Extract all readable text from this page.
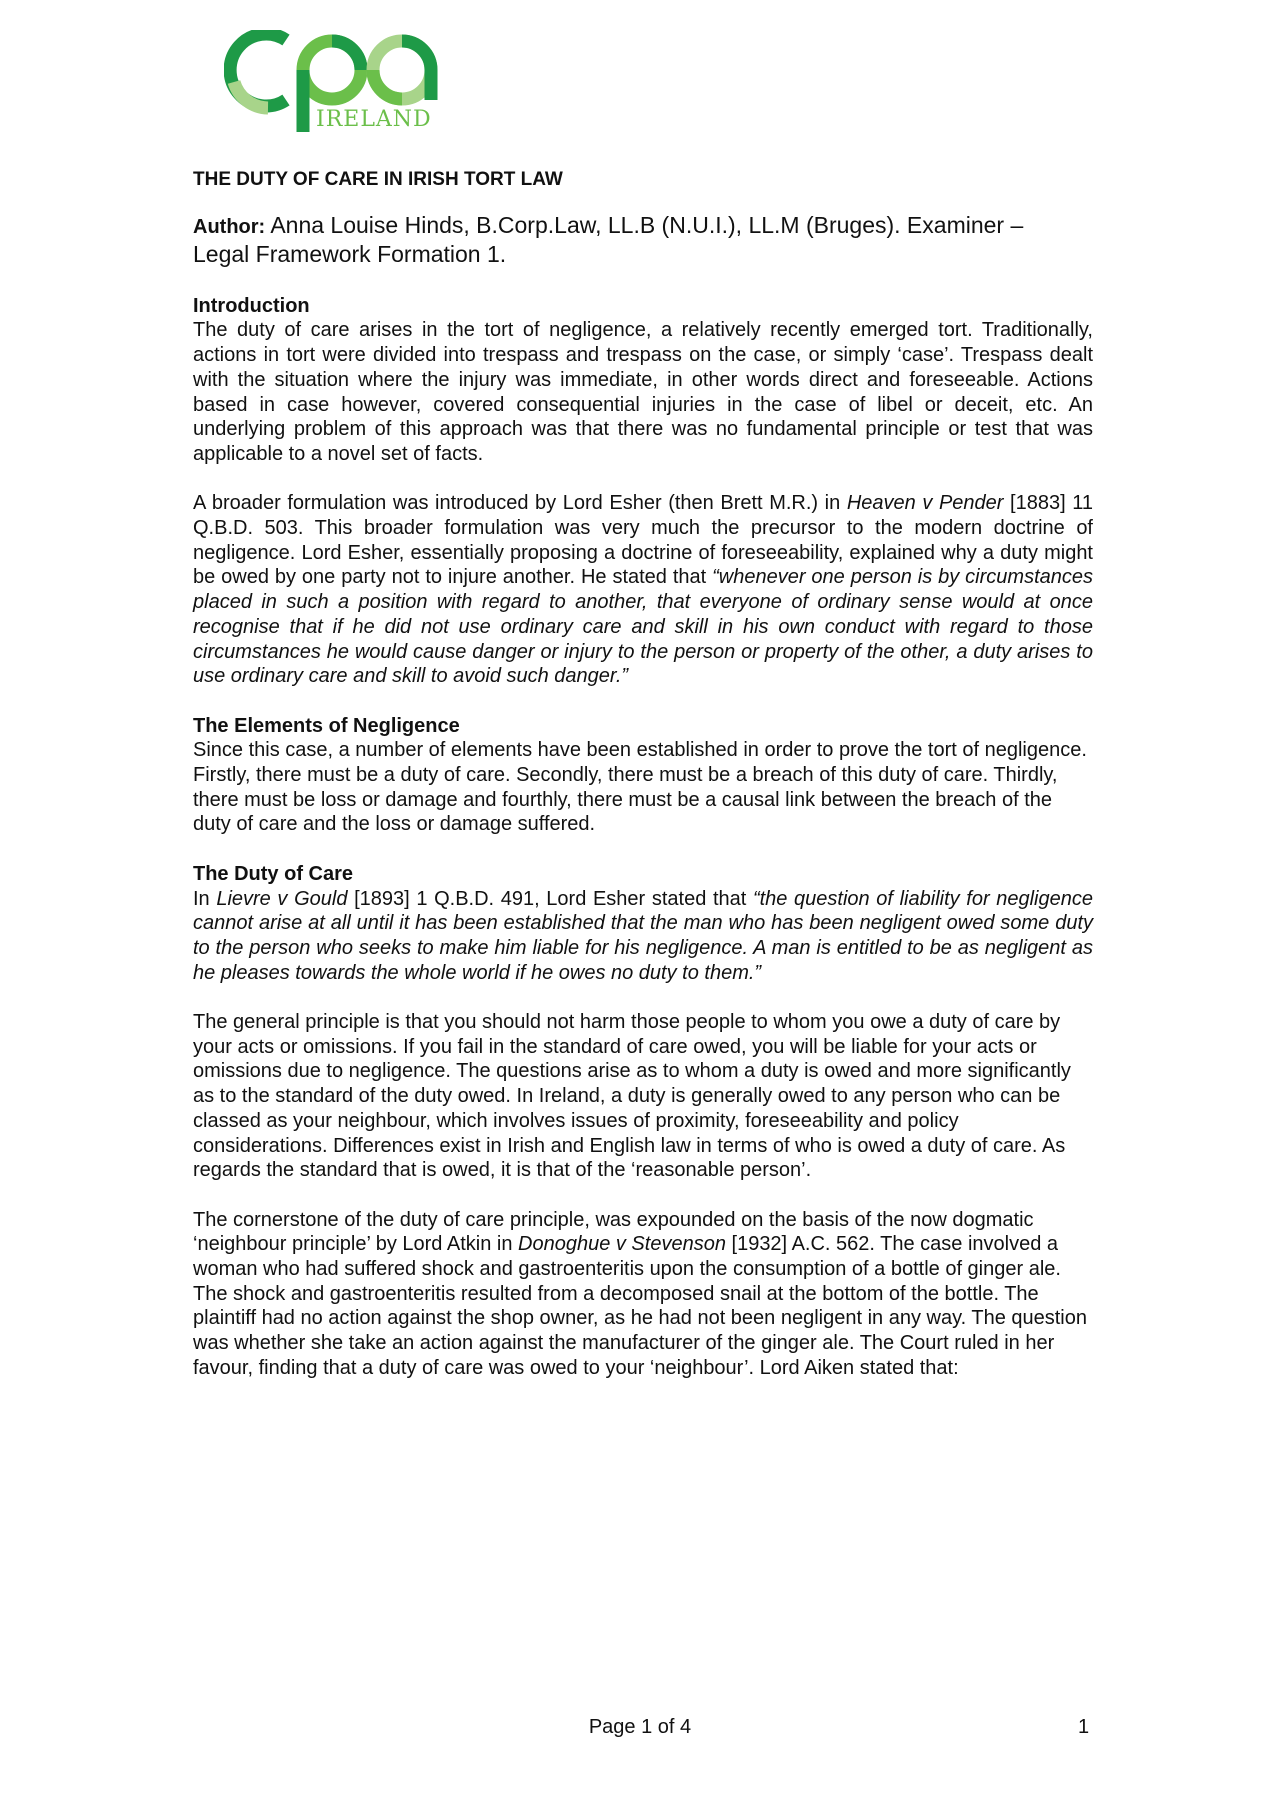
IRELAND
THE DUTY OF CARE IN IRISH TORT LAW
Author: Anna Louise Hinds, B.Corp.Law, LL.B (N.U.I.), LL.M (Bruges). Examiner –
Legal Framework Formation 1.
Introduction

The duty of care arises in the tort of negligence, a relatively recently emerged tort. Traditionally, actions in tort were divided into trespass and trespass on the case, or simply ‘case’. Trespass dealt with the situation where the injury was immediate, in other words direct and foreseeable. Actions based in case however, covered consequential injuries in the case of libel or deceit, etc. An underlying problem of this approach was that there was no fundamental principle or test that was applicable to a novel set of facts.

A broader formulation was introduced by Lord Esher (then Brett M.R.) in Heaven v Pender [1883] 11 Q.B.D. 503. This broader formulation was very much the precursor to the modern doctrine of negligence. Lord Esher, essentially proposing a doctrine of foreseeability, explained why a duty might be owed by one party not to injure another. He stated that “whenever one person is by circumstances placed in such a position with regard to another, that everyone of ordinary sense would at once recognise that if he did not use ordinary care and skill in his own conduct with regard to those circumstances he would cause danger or injury to the person or property of the other, a duty arises to use ordinary care and skill to avoid such danger.”

The Elements of Negligence

Since this case, a number of elements have been established in order to prove the tort of negligence. Firstly, there must be a duty of care. Secondly, there must be a breach of this duty of care. Thirdly, there must be loss or damage and fourthly, there must be a causal link between the breach of the duty of care and the loss or damage suffered.

The Duty of Care

In Lievre v Gould [1893] 1 Q.B.D. 491, Lord Esher stated that “the question of liability for negligence cannot arise at all until it has been established that the man who has been negligent owed some duty to the person who seeks to make him liable for his negligence. A man is entitled to be as negligent as he pleases towards the whole world if he owes no duty to them.”

The general principle is that you should not harm those people to whom you owe a duty of care by your acts or omissions. If you fail in the standard of care owed, you will be liable for your acts or omissions due to negligence. The questions arise as to whom a duty is owed and more significantly as to the standard of the duty owed. In Ireland, a duty is generally owed to any person who can be classed as your neighbour, which involves issues of proximity, foreseeability and policy considerations. Differences exist in Irish and English law in terms of who is owed a duty of care. As regards the standard that is owed, it is that of the ‘reasonable person’.

The cornerstone of the duty of care principle, was expounded on the basis of the now dogmatic ‘neighbour principle’ by Lord Atkin in Donoghue v Stevenson [1932] A.C. 562. The case involved a woman who had suffered shock and gastroenteritis upon the consumption of a bottle of ginger ale. The shock and gastroenteritis resulted from a decomposed snail at the bottom of the bottle. The plaintiff had no action against the shop owner, as he had not been negligent in any way. The question was whether she take an action against the manufacturer of the ginger ale. The Court ruled in her favour, finding that a duty of care was owed to your ‘neighbour’. Lord Aiken stated that:

Page 1 of 4	1
